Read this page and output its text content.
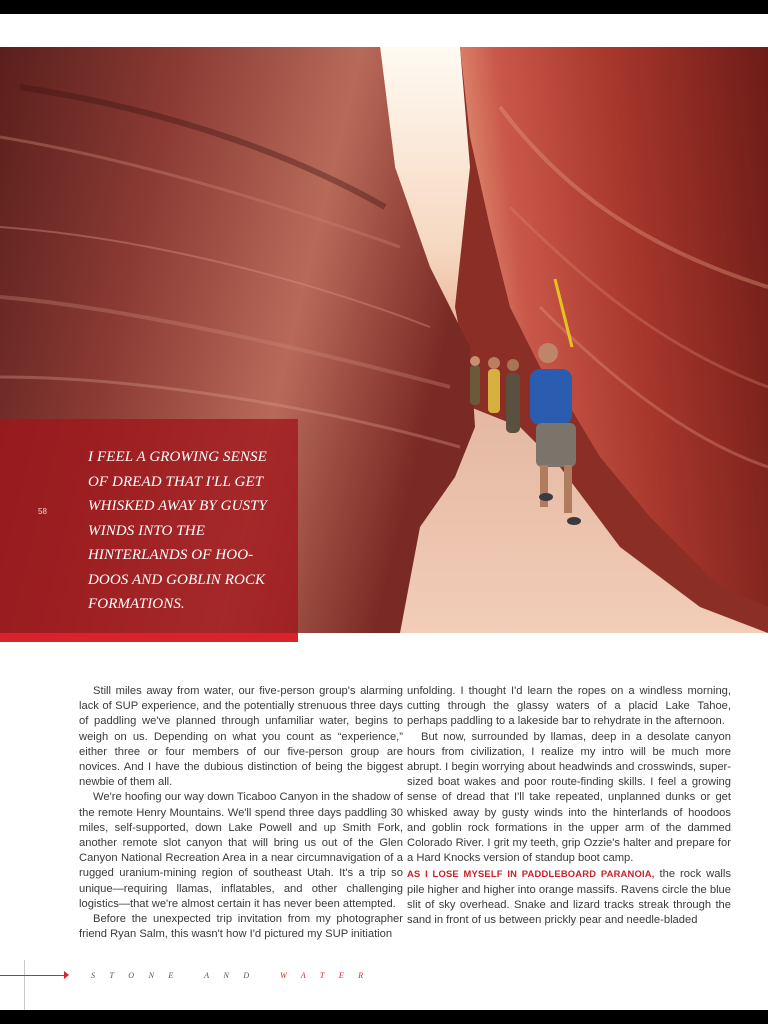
I FEEL A GROWING SENSE OF DREAD THAT I'LL GET WHISKED AWAY BY GUSTY WINDS INTO THE HINTERLANDS OF HOO-DOOS AND GOBLIN ROCK FORMATIONS.

58

Still miles away from water, our five-person group's alarming lack of SUP experience, and the potentially strenuous three days of paddling we've planned through unfamiliar water, begins to weigh on us. Depending on what you count as “experience,” either three or four members of our five-person group are novices. And I have the dubious distinction of being the biggest newbie of them all.

We're hoofing our way down Ticaboo Canyon in the shadow of the remote Henry Mountains. We'll spend three days paddling 30 miles, self-supported, down Lake Powell and up Smith Fork, another remote slot canyon that will bring us out of the Glen Canyon National Recreation Area in a near circumnavigation of a rugged uranium-mining region of southeast Utah. It's a trip so unique—requiring llamas, inflatables, and other challenging logistics—that we're almost certain it has never been attempted.

Before the unexpected trip invitation from my photographer friend Ryan Salm, this wasn't how I'd pictured my SUP initiation

unfolding. I thought I'd learn the ropes on a windless morning, cutting through the glassy waters of a placid Lake Tahoe, perhaps paddling to a lakeside bar to rehydrate in the afternoon.

But now, surrounded by llamas, deep in a desolate canyon hours from civilization, I realize my intro will be much more abrupt. I begin worrying about headwinds and crosswinds, super-sized boat wakes and poor route-finding skills. I feel a growing sense of dread that I'll take repeated, unplanned dunks or get whisked away by gusty winds into the hinterlands of hoodoos and goblin rock formations in the upper arm of the dammed Colorado River. I grit my teeth, grip Ozzie's halter and prepare for a Hard Knocks version of standup boot camp.

AS I LOSE MYSELF IN PADDLEBOARD PARANOIA, the rock walls pile higher and higher into orange massifs. Ravens circle the blue slit of sky overhead. Snake and lizard tracks streak through the sand in front of us between prickly pear and needle-bladed

STONE AND WATER
